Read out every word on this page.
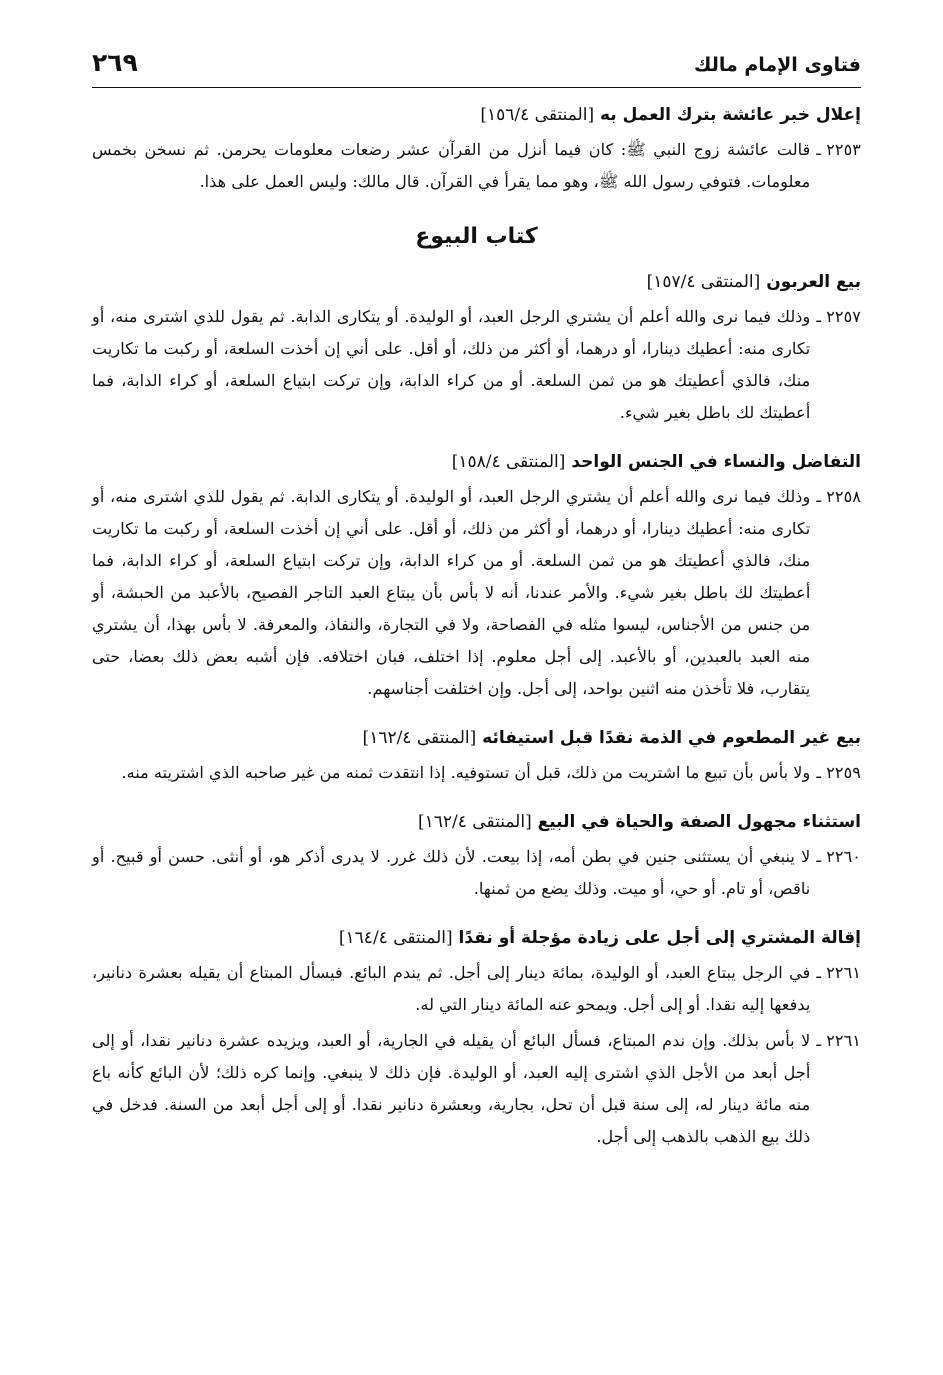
فتاوى الإمام مالك
٢٦٩
إعلال خبر عائشة بترك العمل به [المنتقى ١٥٦/٤]
٢٢٥٣ ـ
قالت عائشة زوج النبي ﷺ: كان فيما أنزل من القرآن عشر رضعات معلومات يحرمن. ثم نسخن بخمس معلومات. فتوفي رسول الله ﷺ، وهو مما يقرأ في القرآن. قال مالك: وليس العمل على هذا.
كتاب البيوع
بيع العربون [المنتقى ١٥٧/٤]
٢٢٥٧ ـ
وذلك فيما نرى والله أعلم أن يشتري الرجل العبد، أو الوليدة. أو يتكارى الدابة. ثم يقول للذي اشترى منه، أو تكارى منه: أعطيك دينارا، أو درهما، أو أكثر من ذلك، أو أقل. على أني إن أخذت السلعة، أو ركبت ما تكاريت منك، فالذي أعطيتك هو من ثمن السلعة. أو من كراء الدابة، وإن تركت ابتياع السلعة، أو كراء الدابة، فما أعطيتك لك باطل بغير شيء.
التفاضل والنساء في الجنس الواحد [المنتقى ١٥٨/٤]
٢٢٥٨ ـ
وذلك فيما نرى والله أعلم أن يشتري الرجل العبد، أو الوليدة. أو يتكارى الدابة. ثم يقول للذي اشترى منه، أو تكارى منه: أعطيك دينارا، أو درهما، أو أكثر من ذلك، أو أقل. على أني إن أخذت السلعة، أو ركبت ما تكاريت منك، فالذي أعطيتك هو من ثمن السلعة. أو من كراء الدابة، وإن تركت ابتياع السلعة، أو كراء الدابة، فما أعطيتك لك باطل بغير شيء. والأمر عندنا، أنه لا بأس بأن يبتاع العبد التاجر الفصيح، بالأعبد من الحبشة، أو من جنس من الأجناس، ليسوا مثله في الفصاحة، ولا في التجارة، والنفاذ، والمعرفة. لا بأس بهذا، أن يشتري منه العبد بالعبدين، أو بالأعبد. إلى أجل معلوم. إذا اختلف، فبان اختلافه. فإن أشبه بعض ذلك بعضا، حتى يتقارب، فلا تأخذن منه اثنين بواحد، إلى أجل. وإن اختلفت أجناسهم.
بيع غير المطعوم في الذمة نقدًا قبل استيفائه [المنتقى ١٦٢/٤]
٢٢٥٩ ـ
ولا بأس بأن تبيع ما اشتريت من ذلك، قبل أن تستوفيه. إذا انتقدت ثمنه من غير صاحبه الذي اشتريته منه.
استثناء مجهول الصفة والحياة في البيع [المنتقى ١٦٢/٤]
٢٢٦٠ ـ
لا ينبغي أن يستثنى جنين في بطن أمه، إذا بيعت. لأن ذلك غرر. لا يدرى أذكر هو، أو أنثى. حسن أو قبيح. أو ناقص، أو تام. أو حي، أو ميت. وذلك يضع من ثمنها.
إقالة المشتري إلى أجل على زيادة مؤجلة أو نقدًا [المنتقى ١٦٤/٤]
٢٢٦١ ـ
في الرجل يبتاع العبد، أو الوليدة، بمائة دينار إلى أجل. ثم يندم البائع. فيسأل المبتاع أن يقيله بعشرة دنانير، يدفعها إليه نقدا. أو إلى أجل. ويمحو عنه المائة دينار التي له.
٢٢٦١ ـ
لا بأس بذلك. وإن ندم المبتاع، فسأل البائع أن يقيله في الجارية، أو العبد، ويزيده عشرة دنانير نقدا، أو إلى أجل أبعد من الأجل الذي اشترى إليه العبد، أو الوليدة. فإن ذلك لا ينبغي. وإنما كره ذلك؛ لأن البائع كأنه باع منه مائة دينار له، إلى سنة قبل أن تحل، بجارية، وبعشرة دنانير نقدا. أو إلى أجل أبعد من السنة. فدخل في ذلك بيع الذهب بالذهب إلى أجل.
